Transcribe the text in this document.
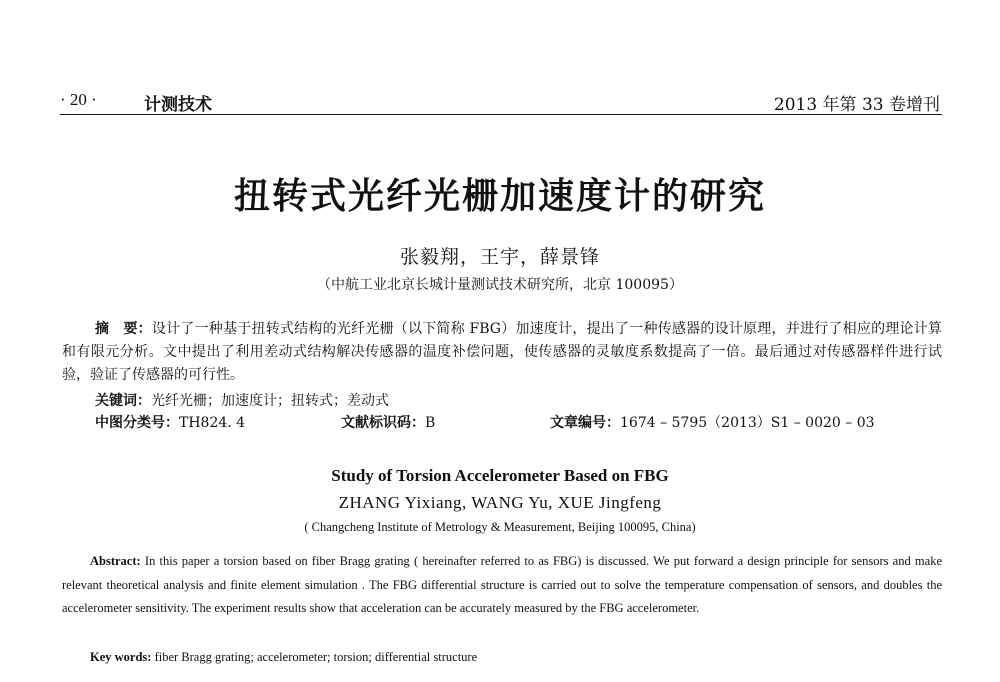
· 20 ·	计测技术	2013 年第 33 卷增刊
扭转式光纤光栅加速度计的研究
张毅翔，王宇，薛景锋
（中航工业北京长城计量测试技术研究所，北京 100095）
摘　要：设计了一种基于扭转式结构的光纤光栅（以下简称 FBG）加速度计，提出了一种传感器的设计原理，并进行了相应的理论计算和有限元分析。文中提出了利用差动式结构解决传感器的温度补偿问题，使传感器的灵敏度系数提高了一倍。最后通过对传感器样件进行试验，验证了传感器的可行性。
关键词：光纤光栅；加速度计；扭转式；差动式
中图分类号：TH824. 4	文献标识码：B	文章编号：1674 – 5795（2013）S1 – 0020 – 03
Study of Torsion Accelerometer Based on FBG
ZHANG Yixiang, WANG Yu, XUE Jingfeng
( Changcheng Institute of Metrology & Measurement, Beijing 100095, China)
Abstract: In this paper a torsion based on fiber Bragg grating ( hereinafter referred to as FBG) is discussed. We put forward a design principle for sensors and make relevant theoretical analysis and finite element simulation . The FBG differential structure is carried out to solve the temperature compensation of sensors, and doubles the accelerometer sensitivity. The experiment results show that acceleration can be accurately measured by the FBG accelerometer.
Key words: fiber Bragg grating; accelerometer; torsion; differential structure
